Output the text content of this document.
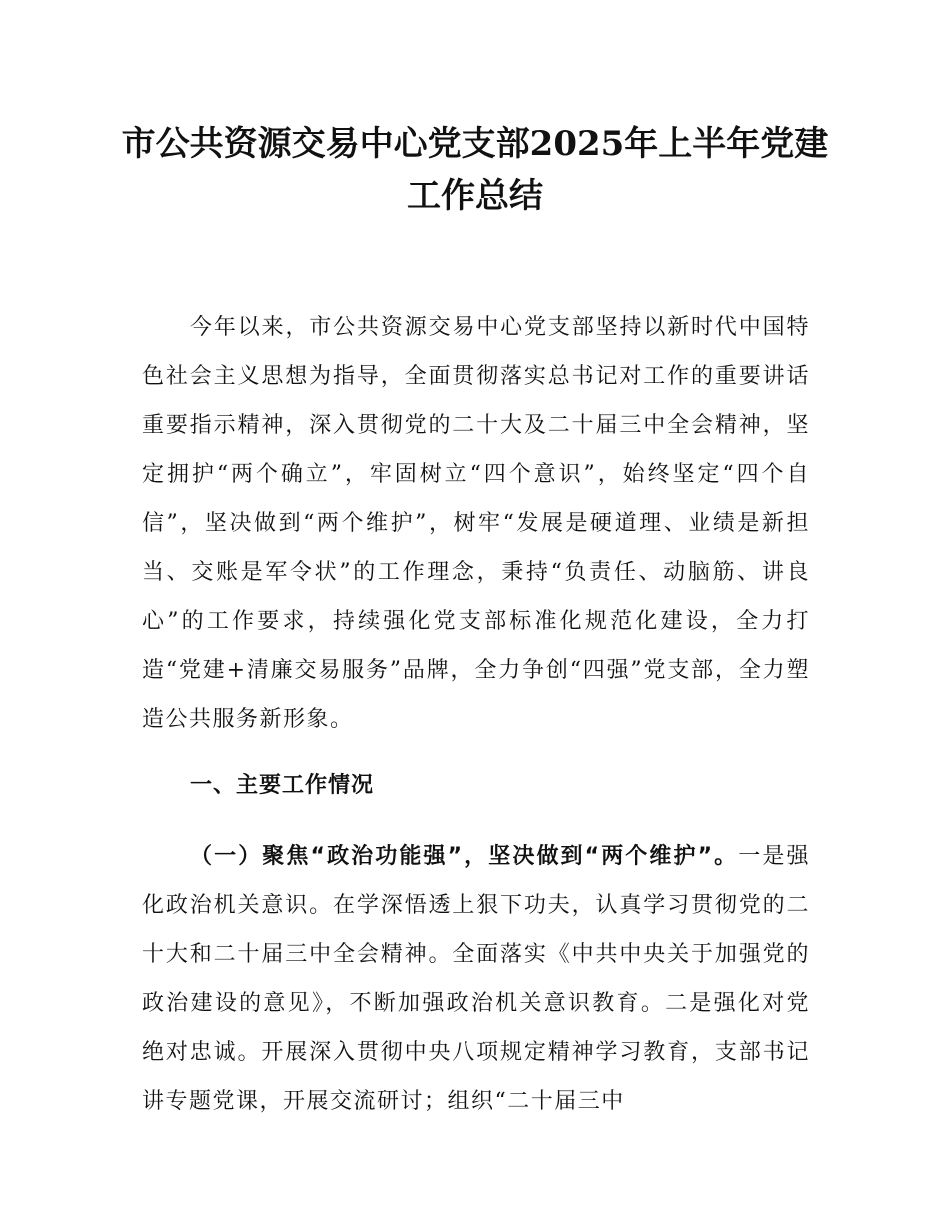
市公共资源交易中心党支部2025年上半年党建工作总结

今年以来，市公共资源交易中心党支部坚持以新时代中国特色社会主义思想为指导，全面贯彻落实总书记对工作的重要讲话重要指示精神，深入贯彻党的二十大及二十届三中全会精神，坚定拥护“两个确立”，牢固树立“四个意识”，始终坚定“四个自信”，坚决做到“两个维护”，树牢“发展是硬道理、业绩是新担当、交账是军令状”的工作理念，秉持“负责任、动脑筋、讲良心”的工作要求，持续强化党支部标准化规范化建设，全力打造“党建+清廉交易服务”品牌，全力争创“四强”党支部，全力塑造公共服务新形象。

一、主要工作情况

（一）聚焦“政治功能强”，坚决做到“两个维护”。一是强化政治机关意识。在学深悟透上狠下功夫，认真学习贯彻党的二十大和二十届三中全会精神。全面落实《中共中央关于加强党的政治建设的意见》，不断加强政治机关意识教育。二是强化对党绝对忠诚。开展深入贯彻中央八项规定精神学习教育，支部书记讲专题党课，开展交流研讨；组织“二十届三中
